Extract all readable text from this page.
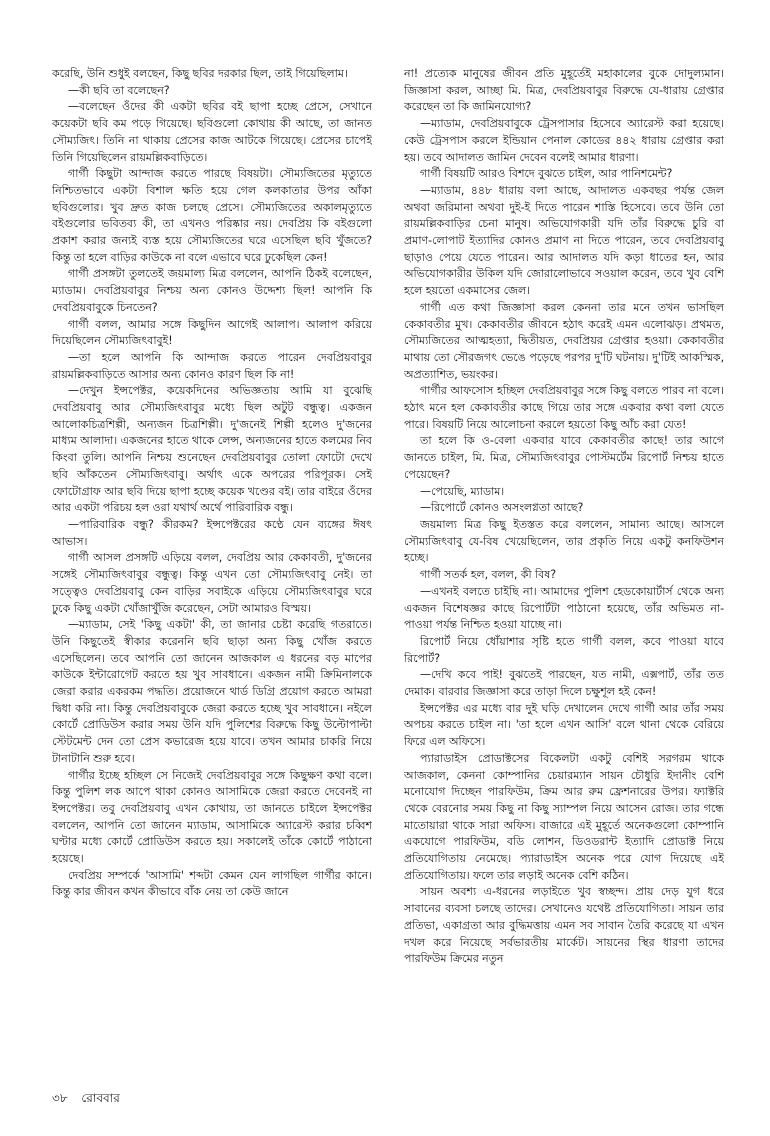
করেছি, উনি শুধুই বলছেন, কিছু ছবির দরকার ছিল, তাই গিয়েছিলাম।

—কী ছবি তা বলেছেন?

—বলেছেন ওঁদের কী একটা ছবির বই ছাপা হচ্ছে প্রেসে, সেখানে কয়েকটা ছবি কম পড়ে গিয়েছে। ছবিগুলো কোথায় কী আছে, তা জানত সৌম্যজিৎ। তিনি না থাকায় প্রেসের কাজ আটকে গিয়েছে। প্রেসের চাপেই তিনি গিয়েছিলেন রায়মল্লিকবাড়িতে।

গার্গী কিছুটা আন্দাজ করতে পারছে বিষয়টা। সৌম্যজিতের মৃত্যুতে নিশ্চিতভাবে একটা বিশাল ক্ষতি হয়ে গেল কলকাতার উপর আঁকা ছবিগুলোর। খুব দ্রুত কাজ চলছে প্রেসে। সৌম্যজিতের অকালমৃত্যুতে বইগুলোর ভবিতব্য কী, তা এখনও পরিষ্কার নয়। দেবপ্রিয় কি বইগুলো প্রকাশ করার জন্যই ব্যস্ত হয়ে সৌম্যজিতের ঘরে এসেছিল ছবি খুঁজতে? কিন্তু তা হলে বাড়ির কাউকে না বলে এভাবে ঘরে ঢুকেছিল কেন!

গার্গী প্রসঙ্গটা তুলতেই জয়মাল্য মিত্র বললেন, আপনি ঠিকই বলেছেন, ম্যাডাম। দেবপ্রিয়বাবুর নিশ্চয় অন্য কোনও উদ্দেশ্য ছিল! আপনি কি দেবপ্রিয়বাবুকে চিনতেন?

গার্গী বলল, আমার সঙ্গে কিছুদিন আগেই আলাপ। আলাপ করিয়ে দিয়েছিলেন সৌম্যজিৎবাবুই!

—তা হলে আপনি কি আন্দাজ করতে পারেন দেবপ্রিয়বাবুর রায়মল্লিকবাড়িতে আসার অন্য কোনও কারণ ছিল কি না!

—দেখুন ইন্সপেক্টর, কয়েকদিনের অভিজ্ঞতায় আমি যা বুঝেছি দেবপ্রিয়বাবু আর সৌম্যজিৎবাবুর মধ্যে ছিল অটুট বন্ধুত্ব। একজন আলোকচিত্রশিল্পী, অন্যজন চিত্রশিল্পী। দু'জনেই শিল্পী হলেও দু'জনের মাধ্যম আলাদা। একজনের হাতে থাকে লেন্স, অন্যজনের হাতে কলমের নিব কিংবা তুলি। আপনি নিশ্চয় শুনেছেন দেবপ্রিয়বাবুর তোলা ফোটো দেখে ছবি আঁকতেন সৌম্যজিৎবাবু। অর্থাৎ একে অপরের পরিপূরক। সেই ফোটোগ্রাফ আর ছবি দিয়ে ছাপা হচ্ছে কয়েক খণ্ডের বই। তার বাইরে ওঁদের আর একটা পরিচয় হল ওরা যথার্থ অর্থে পারিবারিক বন্ধু।

—পারিবারিক বন্ধু? কীরকম? ইন্সপেক্টরের কণ্ঠে যেন ব্যঙ্গের ঈষৎ আভাস।

গার্গী আসল প্রসঙ্গটি এড়িয়ে বলল, দেবপ্রিয় আর কেকাবতী, দু'জনের সঙ্গেই সৌম্যজিৎবাবুর বন্ধুত্ব। কিন্তু এখন তো সৌম্যজিৎবাবু নেই। তা সত্ত্বেও দেবপ্রিয়বাবু কেন বাড়ির সবাইকে এড়িয়ে সৌম্যজিৎবাবুর ঘরে ঢুকে কিছু একটা খোঁজাখুঁজি করেছেন, সেটা আমারও বিস্ময়।

—ম্যাডাম, সেই 'কিছু একটা' কী, তা জানার চেষ্টা করেছি গতরাতে। উনি কিছুতেই স্বীকার করেননি ছবি ছাড়া অন্য কিছু খোঁজ করতে এসেছিলেন। তবে আপনি তো জানেন আজকাল এ ধরনের বড় মাপের কাউকে ইন্টারোগেট করতে হয় খুব সাবধানে। একজন নামী ক্রিমিনালকে জেরা করার একরকম পদ্ধতি। প্রয়োজনে থার্ড ডিগ্রি প্রয়োগ করতে আমরা দ্বিধা করি না। কিন্তু দেবপ্রিয়বাবুকে জেরা করতে হচ্ছে খুব সাবধানে। নইলে কোর্টে প্রোডিউস করার সময় উনি যদি পুলিশের বিরুদ্ধে কিছু উল্টোপাল্টা স্টেটমেন্ট দেন তো প্রেস কভারেজ হয়ে যাবে। তখন আমার চাকরি নিয়ে টানাটানি শুরু হবে।

গার্গীর ইচ্ছে হচ্ছিল সে নিজেই দেবপ্রিয়বাবুর সঙ্গে কিছুক্ষণ কথা বলে। কিন্তু পুলিশ লক আপে থাকা কোনও আসামিকে জেরা করতে দেবেনই না ইন্সপেক্টর। তবু দেবপ্রিয়বাবু এখন কোথায়, তা জানতে চাইলে ইন্সপেক্টর বললেন, আপনি তো জানেন ম্যাডাম, আসামিকে অ্যারেস্ট করার চব্বিশ ঘণ্টার মধ্যে কোর্টে প্রোডিউস করতে হয়। সকালেই তাঁকে কোর্টে পাঠানো হয়েছে।

দেবপ্রিয় সম্পর্কে 'আসামি' শব্দটা কেমন যেন লাগছিল গার্গীর কানে। কিন্তু কার জীবন কখন কীভাবে বাঁক নেয় তা কেউ জানে

না! প্রত্যেক মানুষের জীবন প্রতি মুহূর্তেই মহাকালের বুকে দোদুল্যমান। জিজ্ঞাসা করল, আচ্ছা মি. মিত্র, দেবপ্রিয়বাবুর বিরুদ্ধে যে-ধারায় গ্রেপ্তার করেছেন তা কি জামিনযোগ্য?

—ম্যাডাম, দেবপ্রিয়বাবুকে ট্রেসপাসার হিসেবে অ্যারেস্ট করা হয়েছে। কেউ ট্রেসপাস করলে ইন্ডিয়ান পেনাল কোডের ৪৪২ ধারায় গ্রেপ্তার করা হয়। তবে আদালত জামিন দেবেন বলেই আমার ধারণা।

গার্গী বিষয়টি আরও বিশদে বুঝতে চাইল, আর পানিশমেন্ট?

—ম্যাডাম, ৪৪৮ ধারায় বলা আছে, আদালত একবছর পর্যন্ত জেল অথবা জরিমানা অথবা দুই-ই দিতে পারেন শাস্তি হিসেবে। তবে উনি তো রায়মল্লিকবাড়ির চেনা মানুষ। অভিযোগকারী যদি তাঁর বিরুদ্ধে চুরি বা প্রমাণ-লোপাট ইত্যাদির কোনও প্রমাণ না দিতে পারেন, তবে দেবপ্রিয়বাবু ছাড়াও পেয়ে যেতে পারেন। আর আদালত যদি কড়া ধাতের হন, আর অভিযোগকারীর উকিল যদি জোরালোভাবে সওয়াল করেন, তবে খুব বেশি হলে হয়তো একমাসের জেল।

গার্গী এত কথা জিজ্ঞাসা করল কেননা তার মনে তখন ভাসছিল কেকাবতীর মুখ। কেকাবতীর জীবনে হঠাৎ করেই এমন এলোঝড়। প্রথমত, সৌম্যজিতের আত্মহত্যা, দ্বিতীয়ত, দেবপ্রিয়র গ্রেপ্তার হওয়া। কেকাবতীর মাথায় তো সৌরজগৎ ভেঙে পড়েছে পরপর দু'টি ঘটনায়। দু'টিই আকস্মিক, অপ্রত্যাশিত, ভয়ংকর।

গার্গীর আফসোস হচ্ছিল দেবপ্রিয়বাবুর সঙ্গে কিছু বলতে পারব না বলে। হঠাৎ মনে হল কেকাবতীর কাছে গিয়ে তার সঙ্গে একবার কথা বলা যেতে পারে। বিষয়টি নিয়ে আলোচনা করলে হয়তো কিছু আঁচ করা যেত!

তা হলে কি ও-বেলা একবার যাবে কেকাবতীর কাছে! তার আগে জানতে চাইল, মি. মিত্র, সৌম্যজিৎবাবুর পোস্টমর্টেম রিপোর্ট নিশ্চয় হাতে পেয়েছেন?

—পেয়েছি, ম্যাডাম।

—রিপোর্টে কোনও অসংলগ্নতা আছে?

জয়মাল্য মিত্র কিছু ইতস্তত করে বললেন, সামান্য আছে। আসলে সৌম্যজিৎবাবু যে-বিষ খেয়েছিলেন, তার প্রকৃতি নিয়ে একটু কনফিউশন হচ্ছে।

গার্গী সতর্ক হল, বলল, কী বিষ?

—এখনই বলতে চাইছি না। আমাদের পুলিশ হেডকোয়ার্টার্স থেকে অন্য একজন বিশেষজ্ঞর কাছে রিপোর্টটা পাঠানো হয়েছে, তাঁর অভিমত না-পাওয়া পর্যন্ত নিশ্চিত হওয়া যাচ্ছে না।

রিপোর্ট নিয়ে ধোঁয়াশার সৃষ্টি হতে গার্গী বলল, কবে পাওয়া যাবে রিপোর্ট?

—দেখি কবে পাই! বুঝতেই পারছেন, যত নামী, এক্সপার্ট, তাঁর তত দেমাক। বারবার জিজ্ঞাসা করে তাড়া দিলে চক্ষুশূল হই কেন!

ইন্সপেক্টর এর মধ্যে বার দুই ঘড়ি দেখালেন দেখে গার্গী আর তাঁর সময় অপচয় করতে চাইল না। 'তা হলে এখন আসি' বলে থানা থেকে বেরিয়ে ফিরে এল অফিসে।

প্যারাডাইস প্রোডাক্টসের বিকেলটা একটু বেশিই সরগরম থাকে আজকাল, কেননা কোম্পানির চেয়ারম্যান সায়ন চৌধুরি ইদানীং বেশি মনোযোগ দিচ্ছেন পারফিউম, ক্রিম আর রুম ফ্রেশনারের উপর। ফ্যাক্টরি থেকে বেরনোর সময় কিছু না কিছু স্যাম্পল নিয়ে আসেন রোজ। তার গন্ধে মাতোয়ারা থাকে সারা অফিস। বাজারে এই মুহূর্তে অনেকগুলো কোম্পানি একযোগে পারফিউম, বডি লোশন, ডিওডরান্ট ইত্যাদি প্রোডাক্ট নিয়ে প্রতিযোগিতায় নেমেছে। প্যারাডাইস অনেক পরে যোগ দিয়েছে এই প্রতিযোগিতায়। ফলে তার লড়াই অনেক বেশি কঠিন।

সায়ন অবশ্য এ-ধরনের লড়াইতে খুব স্বচ্ছন্দ। প্রায় দেড় যুগ ধরে সাবানের ব্যবসা চলছে তাদের। সেখানেও যথেষ্ট প্রতিযোগিতা। সায়ন তার প্রতিভা, একাগ্রতা আর বুদ্ধিমত্তায় এমন সব সাবান তৈরি করেছে যা এখন দখল করে নিয়েছে সর্বভারতীয় মার্কেট। সায়নের স্থির ধারণা তাদের পারফিউম ক্রিমের নতুন

৩৮ রোববার
